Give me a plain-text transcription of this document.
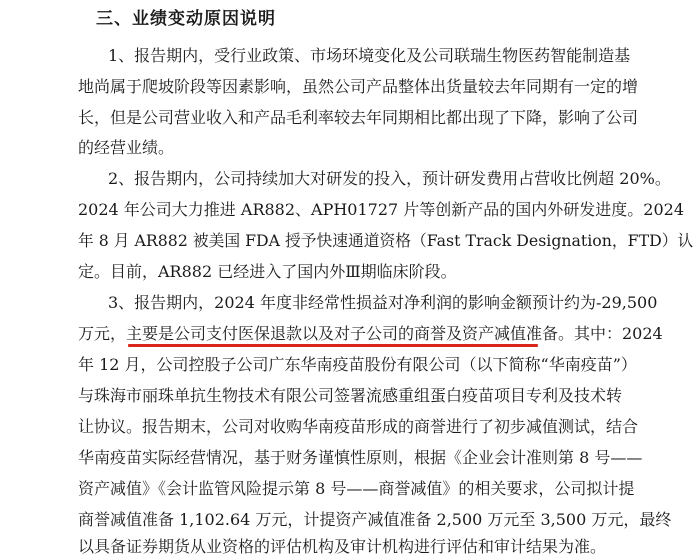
三、业绩变动原因说明

1、报告期内，受行业政策、市场环境变化及公司联瑞生物医药智能制造基

地尚属于爬坡阶段等因素影响，虽然公司产品整体出货量较去年同期有一定的增

长，但是公司营业收入和产品毛利率较去年同期相比都出现了下降，影响了公司

的经营业绩。

2、报告期内，公司持续加大对研发的投入，预计研发费用占营收比例超 20%。

2024 年公司大力推进 AR882、APH01727 片等创新产品的国内外研发进度。2024

年 8 月 AR882 被美国 FDA 授予快速通道资格（Fast Track Designation，FTD）认

定。目前，AR882 已经进入了国内外Ⅲ期临床阶段。

3、报告期内，2024 年度非经常性损益对净利润的影响金额预计约为-29,500

万元，主要是公司支付医保退款以及对子公司的商誉及资产减值准备。其中：2024

年 12 月，公司控股子公司广东华南疫苗股份有限公司（以下简称“华南疫苗”）

与珠海市丽珠单抗生物技术有限公司签署流感重组蛋白疫苗项目专利及技术转

让协议。报告期末，公司对收购华南疫苗形成的商誉进行了初步减值测试，结合

华南疫苗实际经营情况，基于财务谨慎性原则，根据《企业会计准则第 8 号——

资产减值》《会计监管风险提示第 8 号——商誉减值》的相关要求，公司拟计提

商誉减值准备 1,102.64 万元，计提资产减值准备 2,500 万元至 3,500 万元，最终

以具备证券期货从业资格的评估机构及审计机构进行评估和审计结果为准。
